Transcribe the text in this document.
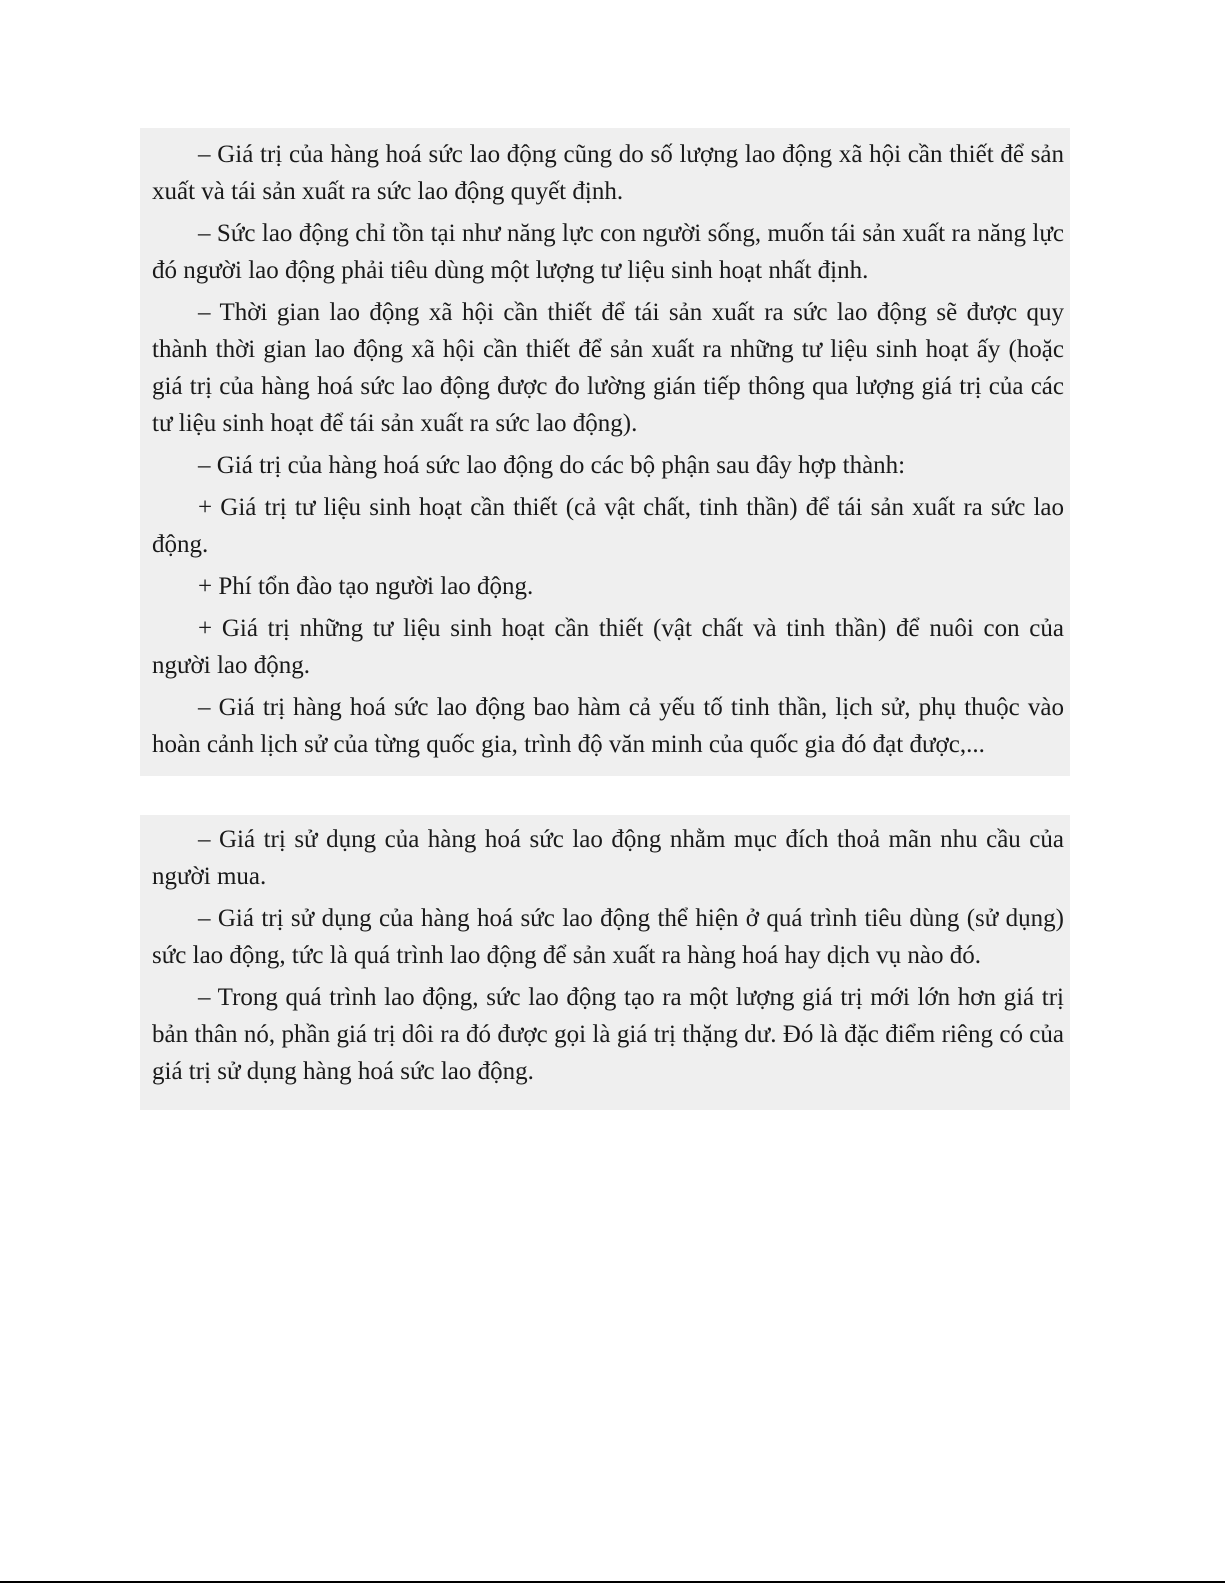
– Giá trị của hàng hoá sức lao động cũng do số lượng lao động xã hội cần thiết để sản xuất và tái sản xuất ra sức lao động quyết định.

– Sức lao động chỉ tồn tại như năng lực con người sống, muốn tái sản xuất ra năng lực đó người lao động phải tiêu dùng một lượng tư liệu sinh hoạt nhất định.

– Thời gian lao động xã hội cần thiết để tái sản xuất ra sức lao động sẽ được quy thành thời gian lao động xã hội cần thiết để sản xuất ra những tư liệu sinh hoạt ấy (hoặc giá trị của hàng hoá sức lao động được đo lường gián tiếp thông qua lượng giá trị của các tư liệu sinh hoạt để tái sản xuất ra sức lao động).

– Giá trị của hàng hoá sức lao động do các bộ phận sau đây hợp thành:

+ Giá trị tư liệu sinh hoạt cần thiết (cả vật chất, tinh thần) để tái sản xuất ra sức lao động.

+ Phí tổn đào tạo người lao động.

+ Giá trị những tư liệu sinh hoạt cần thiết (vật chất và tinh thần) để nuôi con của người lao động.

– Giá trị hàng hoá sức lao động bao hàm cả yếu tố tinh thần, lịch sử, phụ thuộc vào hoàn cảnh lịch sử của từng quốc gia, trình độ văn minh của quốc gia đó đạt được,...

– Giá trị sử dụng của hàng hoá sức lao động nhằm mục đích thoả mãn nhu cầu của người mua.

– Giá trị sử dụng của hàng hoá sức lao động thể hiện ở quá trình tiêu dùng (sử dụng) sức lao động, tức là quá trình lao động để sản xuất ra hàng hoá hay dịch vụ nào đó.

– Trong quá trình lao động, sức lao động tạo ra một lượng giá trị mới lớn hơn giá trị bản thân nó, phần giá trị dôi ra đó được gọi là giá trị thặng dư. Đó là đặc điểm riêng có của giá trị sử dụng hàng hoá sức lao động.
